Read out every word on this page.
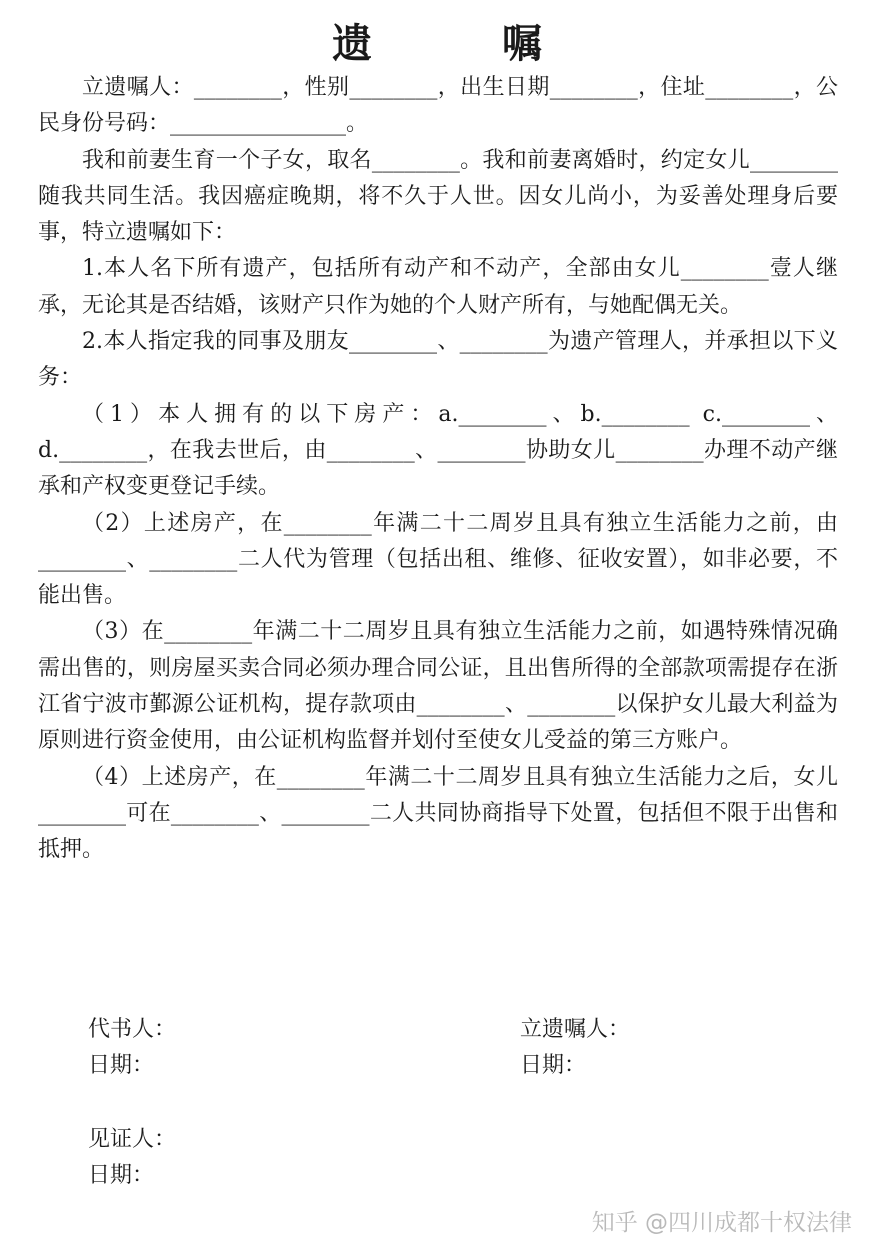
遗 嘱

立遗嘱人：________，性别________，出生日期________，住址________，公民身份号码：________________。

我和前妻生育一个子女，取名________。我和前妻离婚时，约定女儿________随我共同生活。我因癌症晚期，将不久于人世。因女儿尚小，为妥善处理身后要事，特立遗嘱如下：

1.本人名下所有遗产，包括所有动产和不动产，全部由女儿________壹人继承，无论其是否结婚，该财产只作为她的个人财产所有，与她配偶无关。

2.本人指定我的同事及朋友________、________为遗产管理人，并承担以下义务：

（1）本人拥有的以下房产：a.________、b.________ c.________、d.________，在我去世后，由________、________协助女儿________办理不动产继承和产权变更登记手续。

（2）上述房产，在________年满二十二周岁且具有独立生活能力之前，由________、________二人代为管理（包括出租、维修、征收安置），如非必要，不能出售。

（3）在________年满二十二周岁且具有独立生活能力之前，如遇特殊情况确需出售的，则房屋买卖合同必须办理合同公证，且出售所得的全部款项需提存在浙江省宁波市鄞源公证机构，提存款项由________、________以保护女儿最大利益为原则进行资金使用，由公证机构监督并划付至使女儿受益的第三方账户。

（4）上述房产，在________年满二十二周岁且具有独立生活能力之后，女儿________可在________、________二人共同协商指导下处置，包括但不限于出售和抵押。

代书人：
日期：
立遗嘱人：
日期：
见证人：
日期：
知乎 @四川成都十权法律
